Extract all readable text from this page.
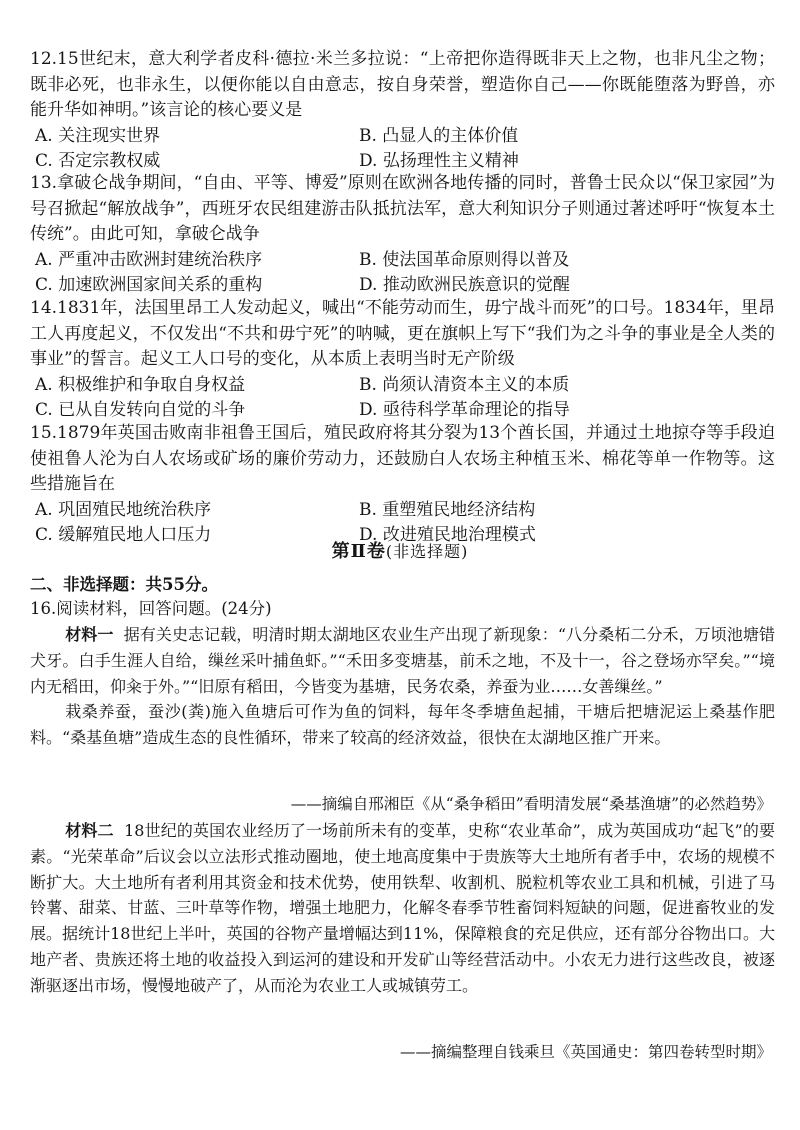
12.15世纪末，意大利学者皮科·德拉·米兰多拉说：“上帝把你造得既非天上之物，也非凡尘之物；既非必死，也非永生，以便你能以自由意志，按自身荣誉，塑造你自己——你既能堕落为野兽，亦能升华如神明。”该言论的核心要义是

A. 关注现实世界	B. 凸显人的主体价值
C. 否定宗教权威	D. 弘扬理性主义精神

13.拿破仑战争期间，“自由、平等、博爱”原则在欧洲各地传播的同时，普鲁士民众以“保卫家园”为号召掀起“解放战争”，西班牙农民组建游击队抵抗法军，意大利知识分子则通过著述呼吁“恢复本土传统”。由此可知，拿破仑战争

A. 严重冲击欧洲封建统治秩序	B. 使法国革命原则得以普及
C. 加速欧洲国家间关系的重构	D. 推动欧洲民族意识的觉醒

14.1831年，法国里昂工人发动起义，喊出“不能劳动而生，毋宁战斗而死”的口号。1834年，里昂工人再度起义，不仅发出“不共和毋宁死”的呐喊，更在旗帜上写下“我们为之斗争的事业是全人类的事业”的誓言。起义工人口号的变化，从本质上表明当时无产阶级

A. 积极维护和争取自身权益	B. 尚须认清资本主义的本质
C. 已从自发转向自觉的斗争	D. 亟待科学革命理论的指导

15.1879年英国击败南非祖鲁王国后，殖民政府将其分裂为13个酋长国，并通过土地掠夺等手段迫使祖鲁人沦为白人农场或矿场的廉价劳动力，还鼓励白人农场主种植玉米、棉花等单一作物等。这些措施旨在

A. 巩固殖民地统治秩序	B. 重塑殖民地经济结构
C. 缓解殖民地人口压力	D. 改进殖民地治理模式
第Ⅱ卷(非选择题)
二、非选择题：共55分。
16.阅读材料，回答问题。(24分)

材料一 据有关史志记载，明清时期太湖地区农业生产出现了新现象：“八分桑柘二分禾，万顷池塘错犬牙。白手生涯人自给，缫丝采叶捕鱼虾。”“禾田多变塘基，前禾之地，不及十一，谷之登场亦罕矣。”“境内无稻田，仰籴于外。”“旧原有稻田，今皆变为基塘，民务农桑，养蚕为业……女善缫丝。”

栽桑养蚕，蚕沙(粪)施入鱼塘后可作为鱼的饲料，每年冬季塘鱼起捕，干塘后把塘泥运上桑基作肥料。“桑基鱼塘”造成生态的良性循环，带来了较高的经济效益，很快在太湖地区推广开来。

——摘编自邢湘臣《从“桑争稻田”看明清发展“桑基渔塘”的必然趋势》

材料二 18世纪的英国农业经历了一场前所未有的变革，史称“农业革命”，成为英国成功“起飞”的要素。“光荣革命”后议会以立法形式推动圈地，使土地高度集中于贵族等大土地所有者手中，农场的规模不断扩大。大土地所有者利用其资金和技术优势，使用铁犁、收割机、脱粒机等农业工具和机械，引进了马铃薯、甜菜、甘蓝、三叶草等作物，增强土地肥力，化解冬春季节牲畜饲料短缺的问题，促进畜牧业的发展。据统计18世纪上半叶，英国的谷物产量增幅达到11%，保障粮食的充足供应，还有部分谷物出口。大地产者、贵族还将土地的收益投入到运河的建设和开发矿山等经营活动中。小农无力进行这些改良，被逐渐驱逐出市场，慢慢地破产了，从而沦为农业工人或城镇劳工。

——摘编整理自钱乘旦《英国通史：第四卷转型时期》
